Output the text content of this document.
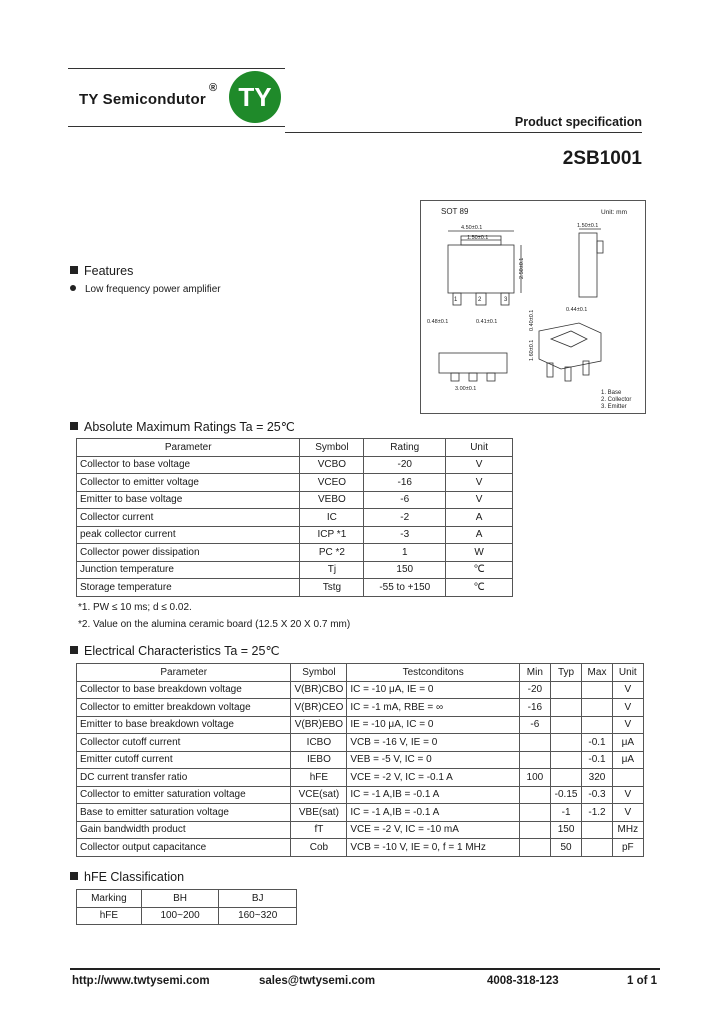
TY Semicondutor
® TY
Product specification
2SB1001
SOT 89	Unit: mm
4.50±0.1
1.50±0.1
2.50±0.1
1	2	3
0.48±0.1	0.41±0.1
1.50±0.1
0.44±0.1
0.40±0.1
3.00±0.1
1.60±0.1
1. Base
2. Collector
3. Emitter
Features
Low frequency power amplifier
Absolute Maximum Ratings Ta = 25℃
Parameter	Symbol	Rating	Unit
Collector to base voltage	VCBO	-20	V
Collector to emitter voltage	VCEO	-16	V
Emitter to base voltage	VEBO	-6	V
Collector current	IC	-2	A
peak collector current	ICP *1	-3	A
Collector power dissipation	PC *2	1	W
Junction temperature	Tj	150	℃
Storage temperature	Tstg	-55 to +150	℃
*1. PW ≤ 10 ms; d ≤ 0.02.
*2. Value on the alumina ceramic board (12.5 X 20 X 0.7 mm)
Electrical Characteristics Ta = 25℃
Parameter	Symbol	Testconditons	Min	Typ	Max	Unit
Collector to base breakdown voltage	V(BR)CBO	IC = -10 μA, IE = 0	-20			V
Collector to emitter breakdown voltage	V(BR)CEO	IC = -1 mA, RBE = ∞	-16			V
Emitter to base breakdown voltage	V(BR)EBO	IE = -10 μA, IC = 0	-6			V
Collector cutoff current	ICBO	VCB = -16 V, IE = 0			-0.1	μA
Emitter cutoff current	IEBO	VEB = -5 V, IC = 0			-0.1	μA
DC current transfer ratio	hFE	VCE = -2 V, IC = -0.1 A	100		320	
Collector to emitter saturation voltage	VCE(sat)	IC = -1 A,IB = -0.1 A		-0.15	-0.3	V
Base to emitter saturation voltage	VBE(sat)	IC = -1 A,IB = -0.1 A		-1	-1.2	V
Gain bandwidth product	fT	VCE = -2 V, IC = -10 mA		150		MHz
Collector output capacitance	Cob	VCB = -10 V, IE = 0, f = 1 MHz		50		pF
hFE Classification
Marking	BH	BJ
hFE	100~200	160~320
http://www.twtysemi.com	sales@twtysemi.com	4008-318-123	1 of 1
